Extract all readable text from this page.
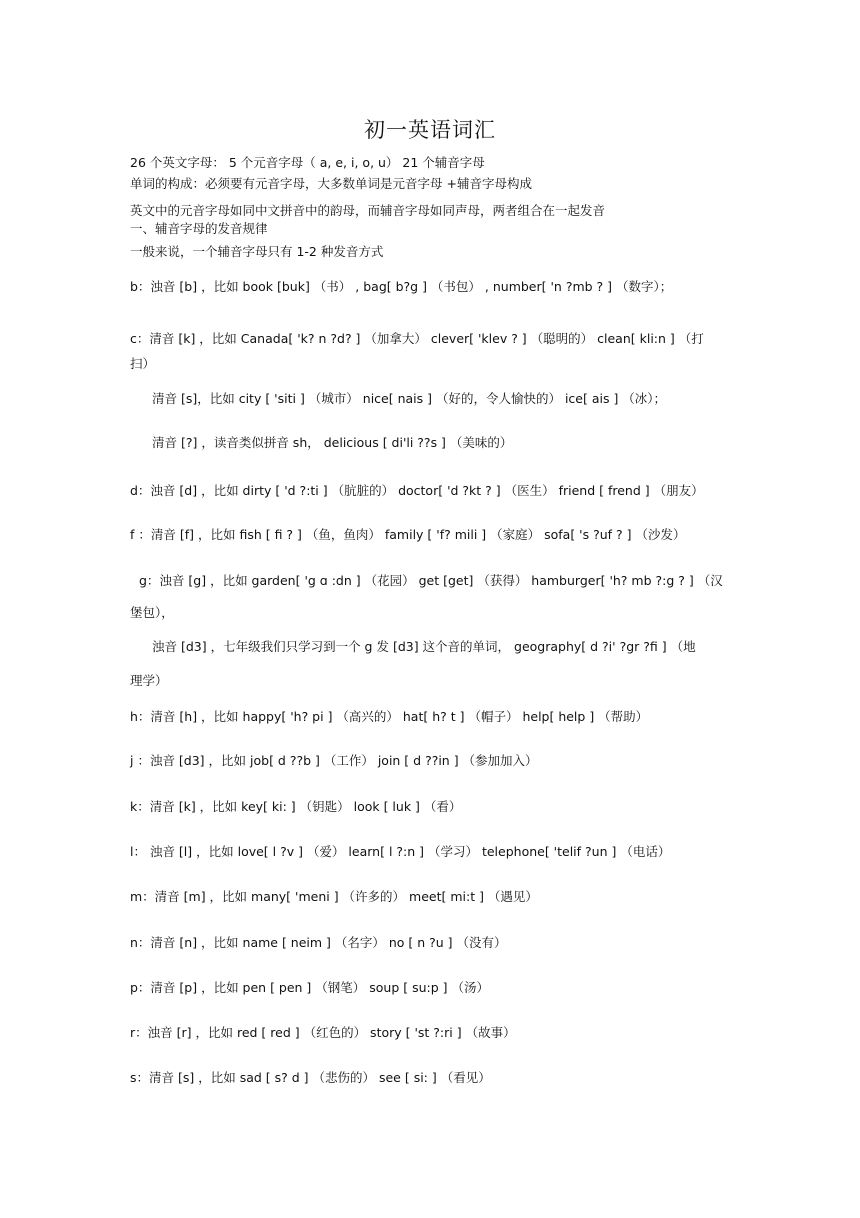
初一英语词汇
26 个英文字母： 5 个元音字母（ a, e, i, o, u） 21 个辅音字母
单词的构成：必须要有元音字母，大多数单词是元音字母 +辅音字母构成
英文中的元音字母如同中文拼音中的韵母，而辅音字母如同声母，两者组合在一起发音
一、辅音字母的发音规律
一般来说，一个辅音字母只有 1-2 种发音方式
b：浊音 [b] ，比如 book [buk] （书） , bag[ b?g ] （书包） , number[ 'n ?mb ? ] （数字）；
c：清音 [k] ，比如 Canada[ 'k? n ?d? ] （加拿大） clever[ 'klev ? ] （聪明的） clean[ kli:n ] （打
扫）
清音 [s]，比如 city [ 'siti ] （城市） nice[ nais ] （好的，令人愉快的） ice[ ais ] （冰）；
清音 [?] ，读音类似拼音 sh， delicious [ di'li ??s ] （美味的）
d：浊音 [d] ，比如 dirty [ 'd ?:ti ] （肮脏的） doctor[ 'd ?kt ? ] （医生） friend [ frend ] （朋友）
f ：清音 [f] ，比如 fish [ fi ? ] （鱼，鱼肉） family [ 'f? mili ] （家庭） sofa[ 's ?uf ? ] （沙发）
g：浊音 [g] ，比如 garden[ 'g ɑ :dn ] （花园） get [get] （获得） hamburger[ 'h? mb ?:g ? ] （汉
堡包），
浊音 [d3] ，七年级我们只学习到一个 g 发 [d3] 这个音的单词， geography[ d ?i' ?gr ?fi ] （地
理学）
h：清音 [h] ，比如 happy[ 'h? pi ] （高兴的） hat[ h? t ] （帽子） help[ help ] （帮助）
j ：浊音 [d3] ，比如 job[ d ??b ] （工作） join [ d ??in ] （参加加入）
k：清音 [k] ，比如 key[ ki: ] （钥匙） look [ luk ] （看）
l： 浊音 [l] ，比如 love[ l ?v ] （爱） learn[ l ?:n ] （学习） telephone[ 'telif ?un ] （电话）
m：清音 [m] ，比如 many[ 'meni ] （许多的） meet[ mi:t ] （遇见）
n：清音 [n] ，比如 name [ neim ] （名字） no [ n ?u ] （没有）
p：清音 [p] ，比如 pen [ pen ] （钢笔） soup [ su:p ] （汤）
r：浊音 [r] ，比如 red [ red ] （红色的） story [ 'st ?:ri ] （故事）
s：清音 [s] ，比如 sad [ s? d ] （悲伤的） see [ si: ] （看见）
